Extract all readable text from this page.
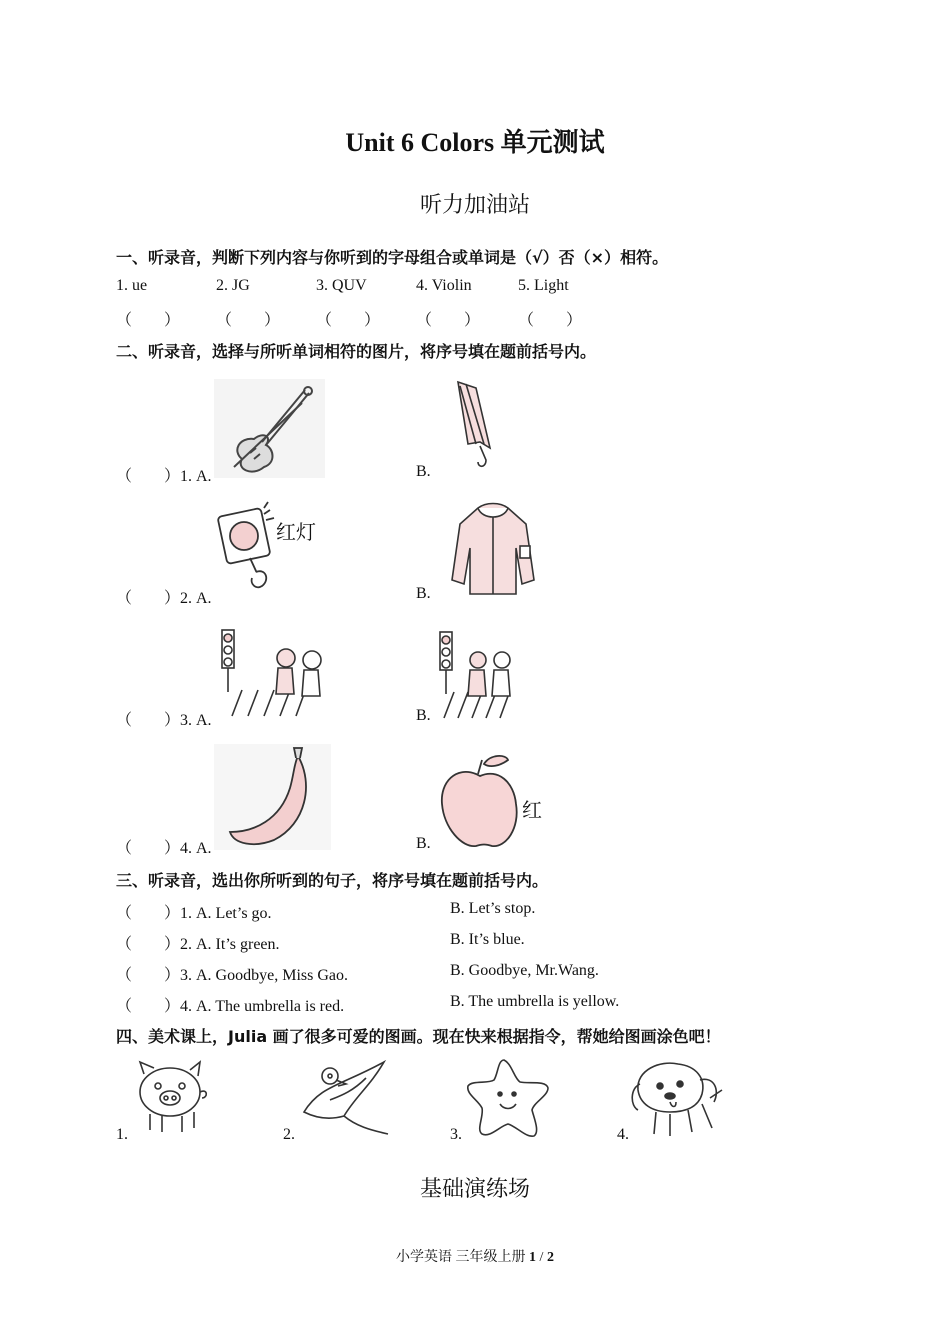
Unit 6 Colors 单元测试
听力加油站
一、听录音，判断下列内容与你听到的字母组合或单词是（√）否（×）相符。
1. ue	2. JG	3. QUV	4. Violin	5. Light
（　　） （　　） （　　） （　　） （　　）
二、听录音，选择与所听单词相符的图片，将序号填在题前括号内。
（　　）1. A.	B.
（　　）2. A.
红灯
B.
（　　）3. A.	B.
（　　）4. A.	B.
红
三、听录音，选出你所听到的句子，将序号填在题前括号内。
（　　）1. A. Let’s go.	B. Let’s stop.
（　　）2. A. It’s green.	B. It’s blue.
（　　）3. A. Goodbye, Miss Gao.	B. Goodbye, Mr.Wang.
（　　）4. A. The umbrella is red.	B. The umbrella is yellow.
四、美术课上，Julia 画了很多可爱的图画。现在快来根据指令，帮她给图画涂色吧！
1.	2.	3.	4.
基础演练场
小学英语 三年级上册 1 / 2
